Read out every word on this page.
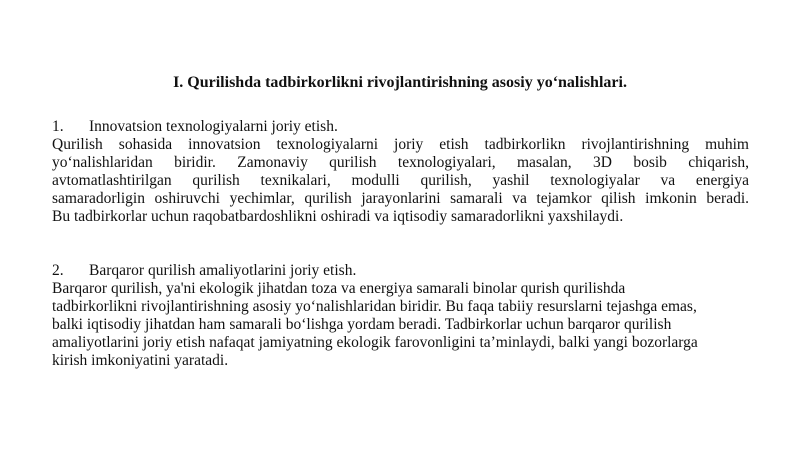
I. Qurilishda tadbirkorlikni rivojlantirishning asosiy yo‘nalishlari.
1.	Innovatsion texnologiyalarni joriy etish.
Qurilish sohasida innovatsion texnologiyalarni joriy etish tadbirkorlikn rivojlantirishning muhim
yo‘nalishlaridan biridir. Zamonaviy qurilish texnologiyalari, masalan, 3D bosib chiqarish,
avtomatlashtirilgan qurilish texnikalari, modulli qurilish, yashil texnologiyalar va energiya
samaradorligin oshiruvchi yechimlar, qurilish jarayonlarini samarali va tejamkor qilish imkonin beradi.
Bu tadbirkorlar uchun raqobatbardoshlikni oshiradi va iqtisodiy samaradorlikni yaxshilaydi.
2.	Barqaror qurilish amaliyotlarini joriy etish.
Barqaror qurilish, ya'ni ekologik jihatdan toza va energiya samarali binolar qurish qurilishda
tadbirkorlikni rivojlantirishning asosiy yo‘nalishlaridan biridir. Bu faqa tabiiy resurslarni tejashga emas,
balki iqtisodiy jihatdan ham samarali bo‘lishga yordam beradi. Tadbirkorlar uchun barqaror qurilish
amaliyotlarini joriy etish nafaqat jamiyatning ekologik farovonligini ta’minlaydi, balki yangi bozorlarga
kirish imkoniyatini yaratadi.
